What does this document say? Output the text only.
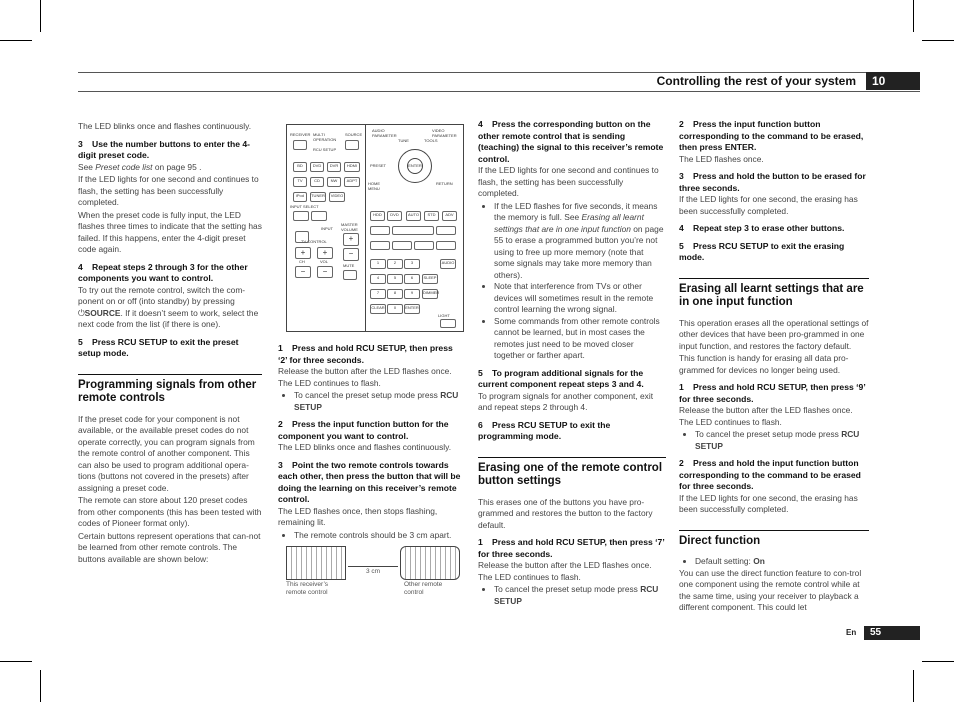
Controlling the rest of your system	10

The LED blinks once and flashes continuously.

3 Use the number buttons to enter the 4-digit preset code.

See Preset code list on page 95 .

If the LED lights for one second and continues to flash, the setting has been successfully completed.

When the preset code is fully input, the LED flashes three times to indicate that the setting has failed. If this happens, enter the 4-digit preset code again.

4 Repeat steps 2 through 3 for the other components you want to control.

To try out the remote control, switch the com-ponent on or off (into standby) by pressing ⏻SOURCE. If it doesn’t seem to work, select the next code from the list (if there is one).

5 Press RCU SETUP to exit the preset setup mode.
Programming signals from other remote controls

If the preset code for your component is not available, or the available preset codes do not operate correctly, you can program signals from the remote control of another component. This can also be used to program additional opera-tions (buttons not covered in the presets) after assigning a preset code.

The remote can store about 120 preset codes from other components (this has been tested with codes of Pioneer format only).

Certain buttons represent operations that can-not be learned from other remote controls. The buttons available are shown below:

RECEIVER MULTI OPERATION
SOURCE
RCU SETUP
BD	DVD	DVR	HDMI
TV	CD	NW	ADPT
iPod	TUNER	VIDEO
INPUT SELECT
INPUT
MASTER VOLUME
TV CONTROL	+
+	+	−
CH	VOL
−	−
MUTE
AUDIO PARAMETER
VIDEO PARAMETER
TUNE	TOOLS
ENTER
PRESET
HOME MENU
RETURN
HDD	DVD	AUTO	STD	ADV
1	2	3	AUDIO
4	5	6	SLEEP
7	8	9	DIMMER
CLEAR	0	ENTER
LIGHT
1 Press and hold RCU SETUP, then press ‘2’ for three seconds.

Release the button after the LED flashes once. The LED continues to flash.

• To cancel the preset setup mode press RCU SETUP
2 Press the input function button for the component you want to control.

The LED blinks once and flashes continuously.

3 Point the two remote controls towards each other, then press the button that will be doing the learning on this receiver’s remote control.

The LED flashes once, then stops flashing, remaining lit.

• The remote controls should be 3 cm apart.
3 cm
This receiver’s remote control
Other remote control
4 Press the corresponding button on the other remote control that is sending (teaching) the signal to this receiver’s remote control.

If the LED lights for one second and continues to flash, the setting has been successfully completed.

• If the LED flashes for five seconds, it means the memory is full. See Erasing all learnt settings that are in one input function on page 55 to erase a programmed button you’re not using to free up more memory (note that some signals may take more memory than others).
• Note that interference from TVs or other devices will sometimes result in the remote control learning the wrong signal.
• Some commands from other remote controls cannot be learned, but in most cases the remotes just need to be moved closer together or farther apart.
5 To program additional signals for the current component repeat steps 3 and 4.

To program signals for another component, exit and repeat steps 2 through 4.

6 Press RCU SETUP to exit the programming mode.
Erasing one of the remote control button settings

This erases one of the buttons you have pro-grammed and restores the button to the factory default.

1 Press and hold RCU SETUP, then press ‘7’ for three seconds.

Release the button after the LED flashes once. The LED continues to flash.

• To cancel the preset setup mode press RCU SETUP
2 Press the input function button corresponding to the command to be erased, then press ENTER.

The LED flashes once.

3 Press and hold the button to be erased for three seconds.

If the LED lights for one second, the erasing has been successfully completed.

4 Repeat step 3 to erase other buttons.
5 Press RCU SETUP to exit the erasing mode.
Erasing all learnt settings that are in one input function

This operation erases all the operational settings of other devices that have been pro-grammed in one input function, and restores the factory default.

This function is handy for erasing all data pro-grammed for devices no longer being used.

1 Press and hold RCU SETUP, then press ‘9’ for three seconds.

Release the button after the LED flashes once. The LED continues to flash.

• To cancel the preset setup mode press RCU SETUP
2 Press and hold the input function button corresponding to the command to be erased for three seconds.

If the LED lights for one second, the erasing has been successfully completed.

Direct function
• Default setting: On

You can use the direct function feature to con-trol one component using the remote control while at the same time, using your receiver to playback a different component. This could let

En	55
